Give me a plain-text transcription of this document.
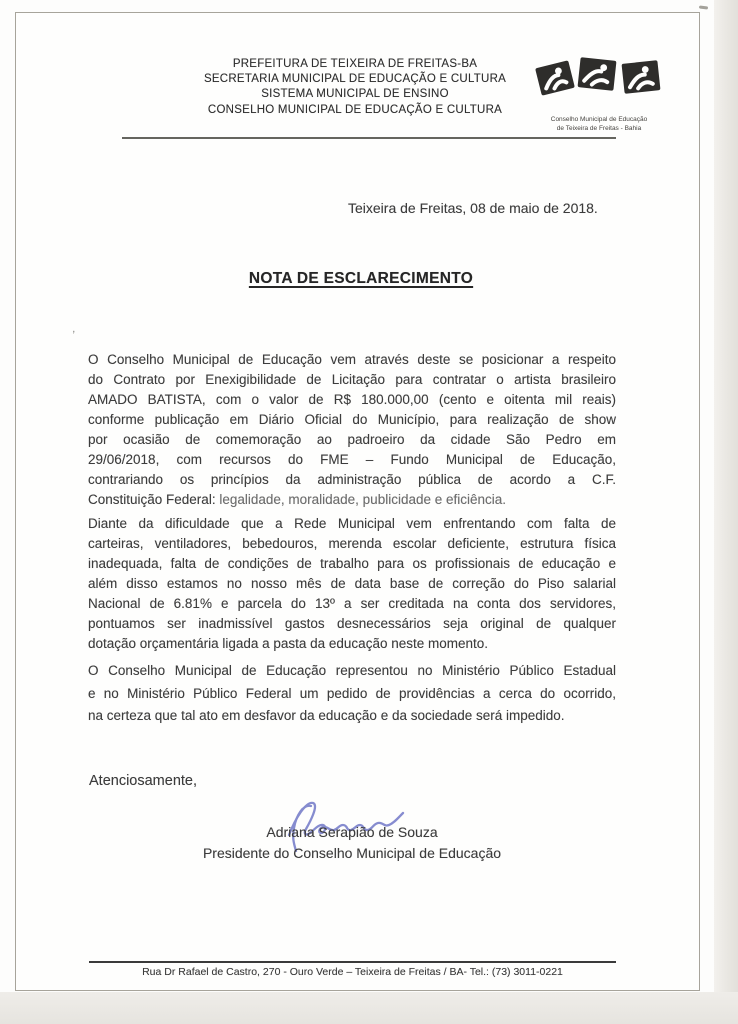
PREFEITURA DE TEIXEIRA DE FREITAS-BA
SECRETARIA MUNICIPAL DE EDUCAÇÃO E CULTURA
SISTEMA MUNICIPAL DE ENSINO
CONSELHO MUNICIPAL DE EDUCAÇÃO E CULTURA
Conselho Municipal de Educação
de Teixeira de Freitas - Bahia
Teixeira de Freitas, 08 de maio de 2018.
NOTA DE ESCLARECIMENTO
’
O Conselho Municipal de Educação vem através deste se posicionar a respeito
do Contrato por Enexigibilidade de Licitação para contratar o artista brasileiro
AMADO BATISTA, com o valor de R$ 180.000,00 (cento e oitenta mil reais)
conforme publicação em Diário Oficial do Município, para realização de show
por ocasião de comemoração ao padroeiro da cidade São Pedro em
29/06/2018, com recursos do FME – Fundo Municipal de Educação,
contrariando os princípios da administração pública de acordo a C.F.
Constituição Federal: legalidade, moralidade, publicidade e eficiência.
Diante da dificuldade que a Rede Municipal vem enfrentando com falta de
carteiras, ventiladores, bebedouros, merenda escolar deficiente, estrutura física
inadequada, falta de condições de trabalho para os profissionais de educação e
além disso estamos no nosso mês de data base de correção do Piso salarial
Nacional de 6.81% e parcela do 13º a ser creditada na conta dos servidores,
pontuamos ser inadmissível gastos desnecessários seja original de qualquer
dotação orçamentária ligada a pasta da educação neste momento.
O Conselho Municipal de Educação representou no Ministério Público Estadual
e no Ministério Público Federal um pedido de providências a cerca do ocorrido,
na certeza que tal ato em desfavor da educação e da sociedade será impedido.
Atenciosamente,
Adriana Serapião de Souza
Presidente do Conselho Municipal de Educação
Rua Dr Rafael de Castro, 270 - Ouro Verde – Teixeira de Freitas / BA- Tel.: (73) 3011-0221
